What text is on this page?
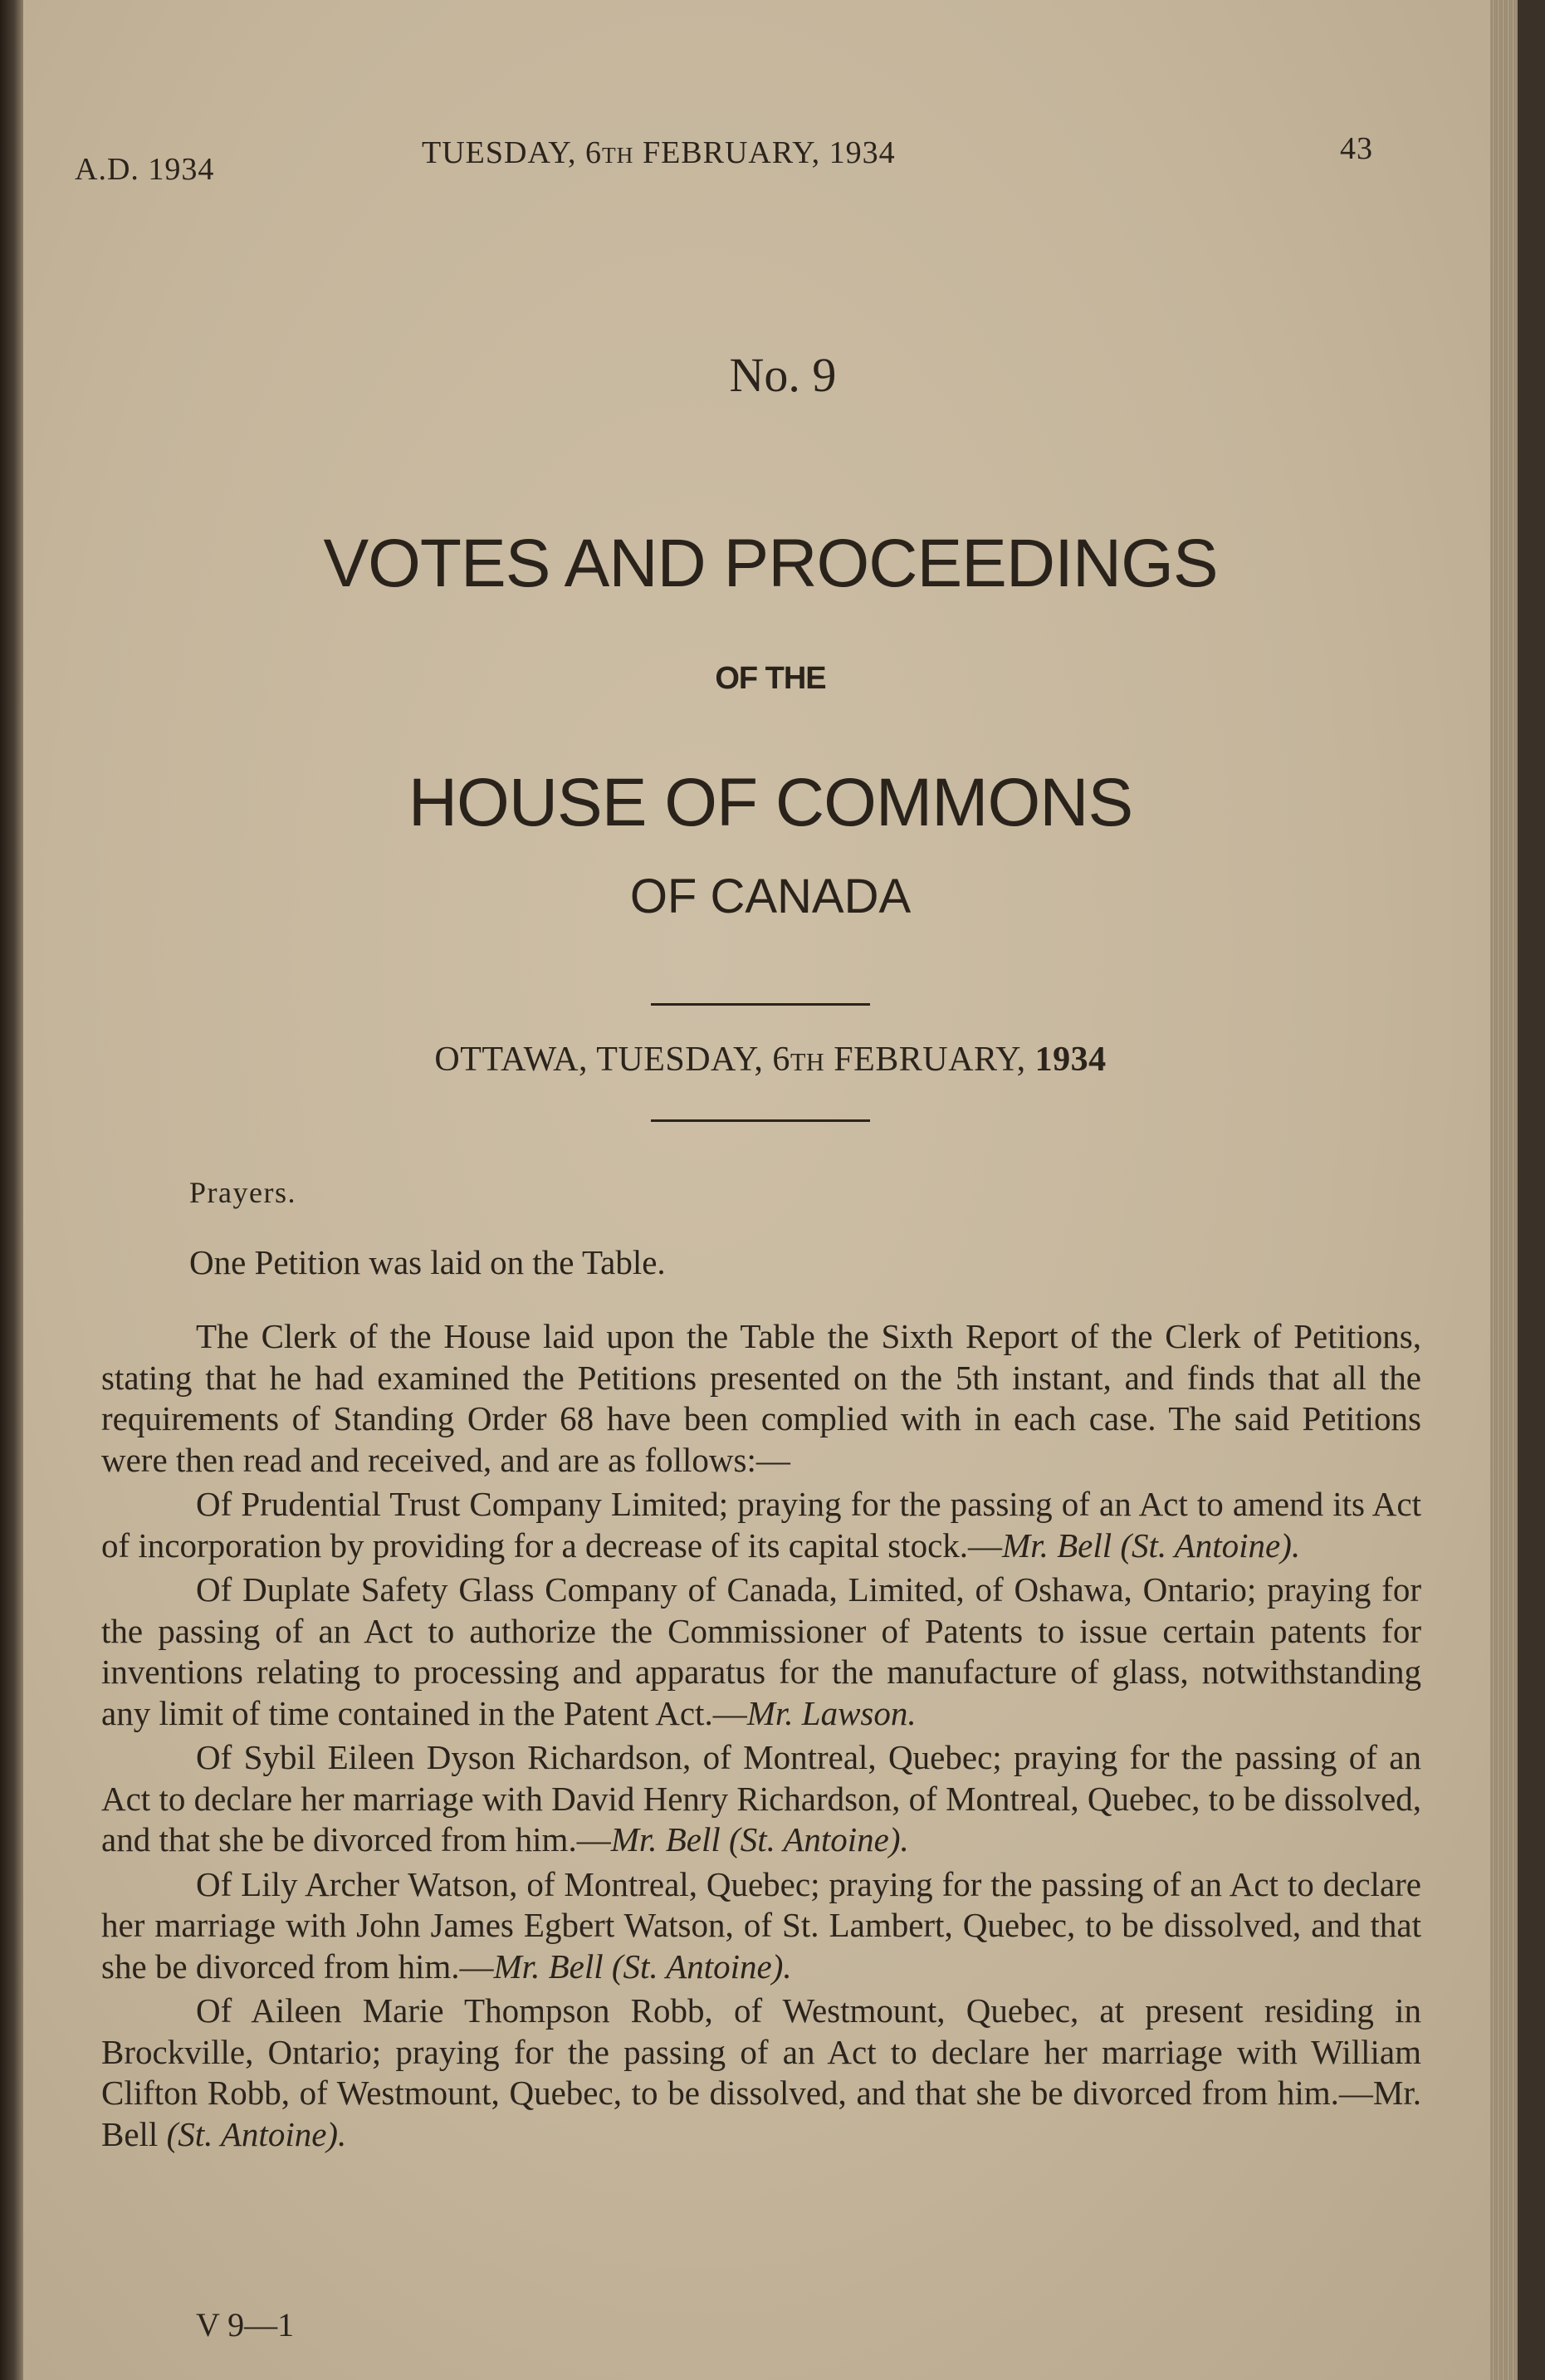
A.D. 1934	TUESDAY, 6TH FEBRUARY, 1934	43
No. 9
VOTES AND PROCEEDINGS
OF THE
HOUSE OF COMMONS
OF CANADA
OTTAWA, TUESDAY, 6TH FEBRUARY, 1934

Prayers.

One Petition was laid on the Table.

The Clerk of the House laid upon the Table the Sixth Report of the Clerk of Petitions, stating that he had examined the Petitions presented on the 5th instant, and finds that all the requirements of Standing Order 68 have been complied with in each case. The said Petitions were then read and received, and are as follows:—

Of Prudential Trust Company Limited; praying for the passing of an Act to amend its Act of incorporation by providing for a decrease of its capital stock.—Mr. Bell (St. Antoine).

Of Duplate Safety Glass Company of Canada, Limited, of Oshawa, Ontario; praying for the passing of an Act to authorize the Commissioner of Patents to issue certain patents for inventions relating to processing and apparatus for the manufacture of glass, notwithstanding any limit of time contained in the Patent Act.—Mr. Lawson.

Of Sybil Eileen Dyson Richardson, of Montreal, Quebec; praying for the passing of an Act to declare her marriage with David Henry Richardson, of Montreal, Quebec, to be dissolved, and that she be divorced from him.—Mr. Bell (St. Antoine).

Of Lily Archer Watson, of Montreal, Quebec; praying for the passing of an Act to declare her marriage with John James Egbert Watson, of St. Lambert, Quebec, to be dissolved, and that she be divorced from him.—Mr. Bell (St. Antoine).

Of Aileen Marie Thompson Robb, of Westmount, Quebec, at present residing in Brockville, Ontario; praying for the passing of an Act to declare her marriage with William Clifton Robb, of Westmount, Quebec, to be dissolved, and that she be divorced from him.—Mr. Bell (St. Antoine).

V 9—1
